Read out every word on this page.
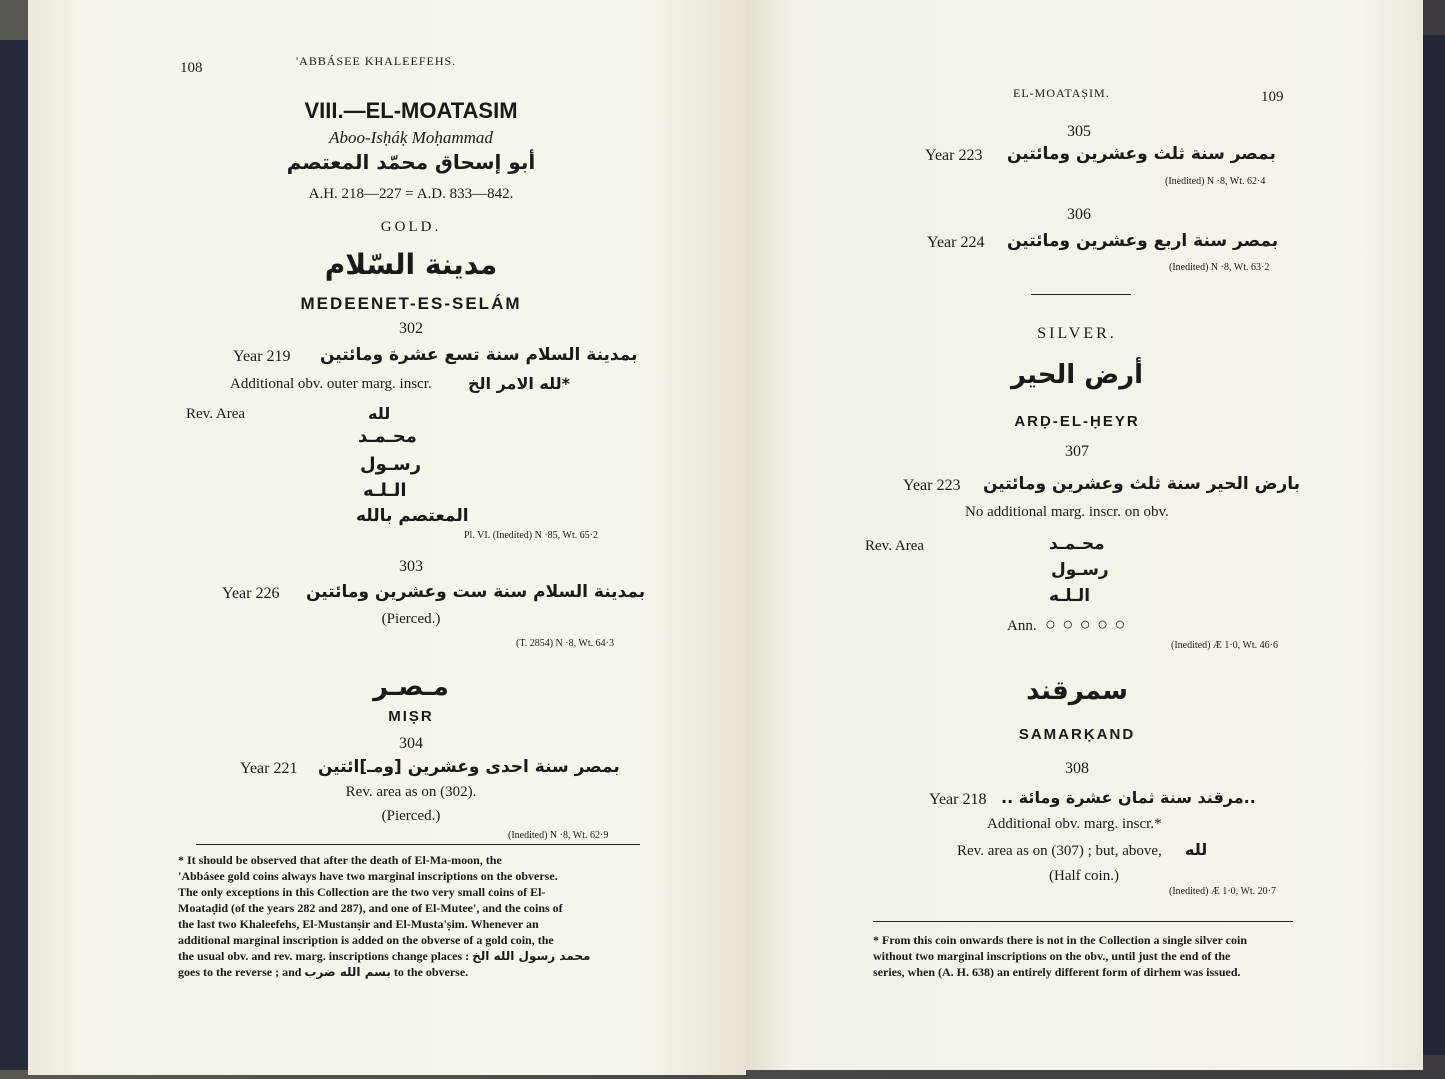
108	'ABBÁSEE KHALEEFEHS.
VIII.—EL-MOATASIM
Aboo-Isḥáḳ Moḥammad
أبو إسحاق محمّد المعتصم
A.H. 218—227 = A.D. 833—842.
GOLD.
مدينة السّلام
MEDEENET-ES-SELÁM
302
Year 219 بمدينة السلام سنة تسع عشرة ومائتين
Additional obv. outer marg. inscr. *لله الامر الخ
Rev. Area	لله
محـمـد
رسـول
الـلـه
المعتصم بالله
Pl. VI. (Inedited) N ·85, Wt. 65·2
303
Year 226 بمدينة السلام سنة ست وعشرين ومائتين
(Pierced.)
(T. 2854) N ·8, Wt. 64·3
مـصـر
MIṢR
304
Year 221 بمصر سنة احدى وعشرين [ومـ]ائتين
Rev. area as on (302).
(Pierced.)
(Inedited) N ·8, Wt. 62·9
* It should be observed that after the death of El-Ma-moon, the
'Abbásee gold coins always have two marginal inscriptions on the obverse.
The only exceptions in this Collection are the two very small coins of El-
Moataḍid (of the years 282 and 287), and one of El-Mutee', and the coins of
the last two Khaleefehs, El-Mustanṣir and El-Musta'ṣim. Whenever an
additional marginal inscription is added on the obverse of a gold coin, the
the usual obv. and rev. marg. inscriptions change places : محمد رسول الله الخ
goes to the reverse ; and بسم الله ضرب to the obverse.
EL-MOATAṢIM.	109
305
Year 223 بمصر سنة ثلث وعشرين ومائتين
(Inedited) N ·8, Wt. 62·4
306
Year 224 بمصر سنة اربع وعشرين ومائتين
(Inedited) N ·8, Wt. 63·2
SILVER.
أرض الحير
ARḌ-EL-ḤEYR
307
Year 223 بارض الحير سنة ثلث وعشرين ومائتين
No additional marg. inscr. on obv.
Rev. Area	محـمـد
رسـول
الـلـه
Ann. ○ ○ ○ ○ ○
(Inedited) Æ 1·0, Wt. 46·6
سمرقند
SAMARḲAND
308
Year 218 ..مرقند سنة ثمان عشرة ومائة ..
Additional obv. marg. inscr.*
Rev. area as on (307) ; but, above, لله
(Half coin.)
(Inedited) Æ 1·0, Wt. 20·7
* From this coin onwards there is not in the Collection a single silver coin
without two marginal inscriptions on the obv., until just the end of the
series, when (A. H. 638) an entirely different form of dirhem was issued.
